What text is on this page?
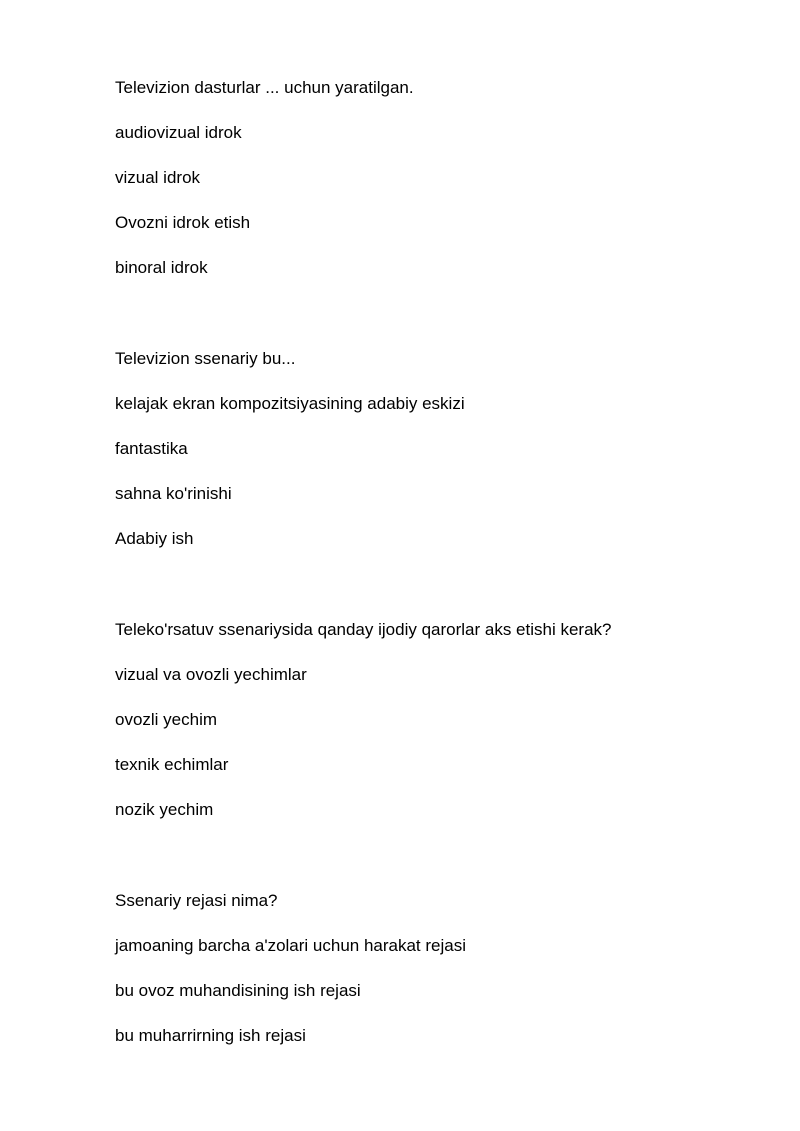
Televizion dasturlar ... uchun yaratilgan.
audiovizual idrok
vizual idrok
Ovozni idrok etish
binoral idrok
Televizion ssenariy bu...
kelajak ekran kompozitsiyasining adabiy eskizi
fantastika
sahna ko'rinishi
Adabiy ish
Teleko'rsatuv ssenariysida qanday ijodiy qarorlar aks etishi kerak?
vizual va ovozli yechimlar
ovozli yechim
texnik echimlar
nozik yechim
Ssenariy rejasi nima?
jamoaning barcha a'zolari uchun harakat rejasi
bu ovoz muhandisining ish rejasi
bu muharrirning ish rejasi
